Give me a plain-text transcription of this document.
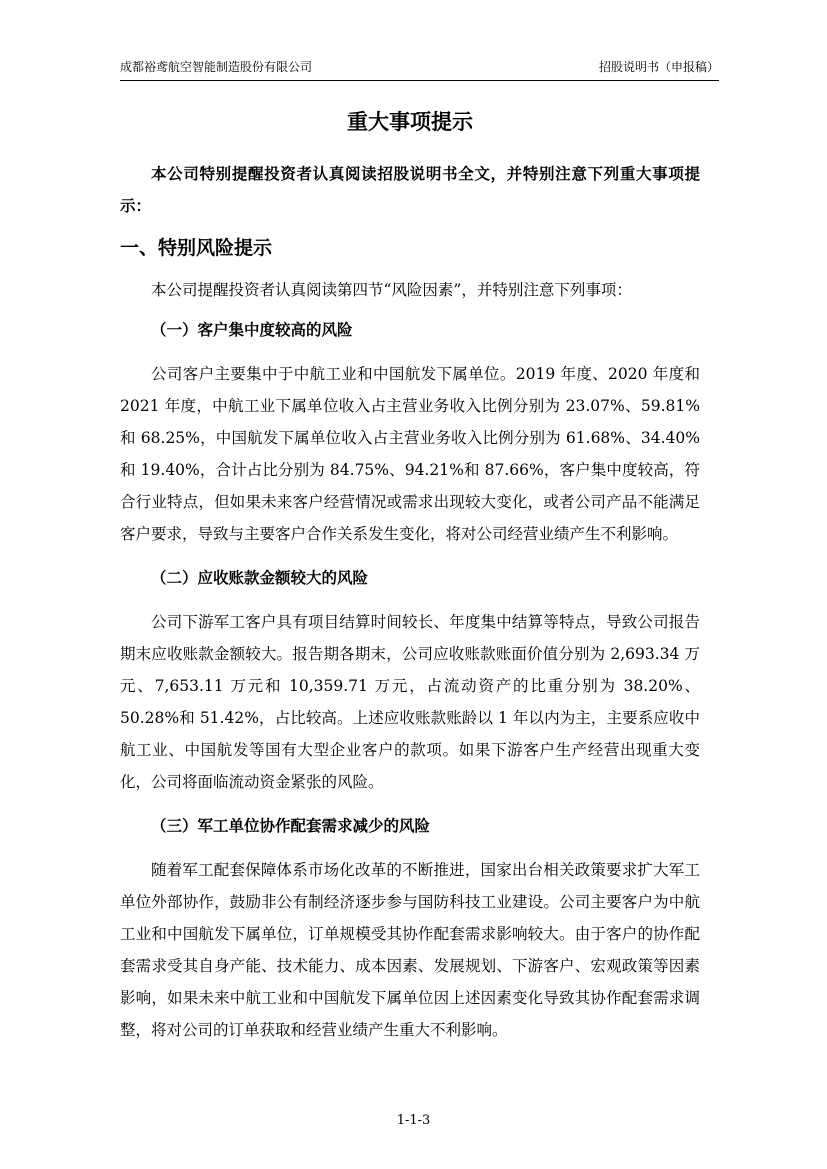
成都裕鸢航空智能制造股份有限公司	招股说明书（申报稿）
重大事项提示
本公司特别提醒投资者认真阅读招股说明书全文，并特别注意下列重大事项提示：
一、特别风险提示
本公司提醒投资者认真阅读第四节“风险因素”，并特别注意下列事项：
（一）客户集中度较高的风险
公司客户主要集中于中航工业和中国航发下属单位。2019 年度、2020 年度和 2021 年度，中航工业下属单位收入占主营业务收入比例分别为 23.07%、59.81%和 68.25%，中国航发下属单位收入占主营业务收入比例分别为 61.68%、34.40%和 19.40%，合计占比分别为 84.75%、94.21%和 87.66%，客户集中度较高，符合行业特点，但如果未来客户经营情况或需求出现较大变化，或者公司产品不能满足客户要求，导致与主要客户合作关系发生变化，将对公司经营业绩产生不利影响。
（二）应收账款金额较大的风险
公司下游军工客户具有项目结算时间较长、年度集中结算等特点，导致公司报告期末应收账款金额较大。报告期各期末，公司应收账款账面价值分别为 2,693.34 万元、7,653.11 万元和 10,359.71 万元，占流动资产的比重分别为 38.20%、50.28%和 51.42%，占比较高。上述应收账款账龄以 1 年以内为主，主要系应收中航工业、中国航发等国有大型企业客户的款项。如果下游客户生产经营出现重大变化，公司将面临流动资金紧张的风险。
（三）军工单位协作配套需求减少的风险
随着军工配套保障体系市场化改革的不断推进，国家出台相关政策要求扩大军工单位外部协作，鼓励非公有制经济逐步参与国防科技工业建设。公司主要客户为中航工业和中国航发下属单位，订单规模受其协作配套需求影响较大。由于客户的协作配套需求受其自身产能、技术能力、成本因素、发展规划、下游客户、宏观政策等因素影响，如果未来中航工业和中国航发下属单位因上述因素变化导致其协作配套需求调整，将对公司的订单获取和经营业绩产生重大不利影响。
1-1-3
